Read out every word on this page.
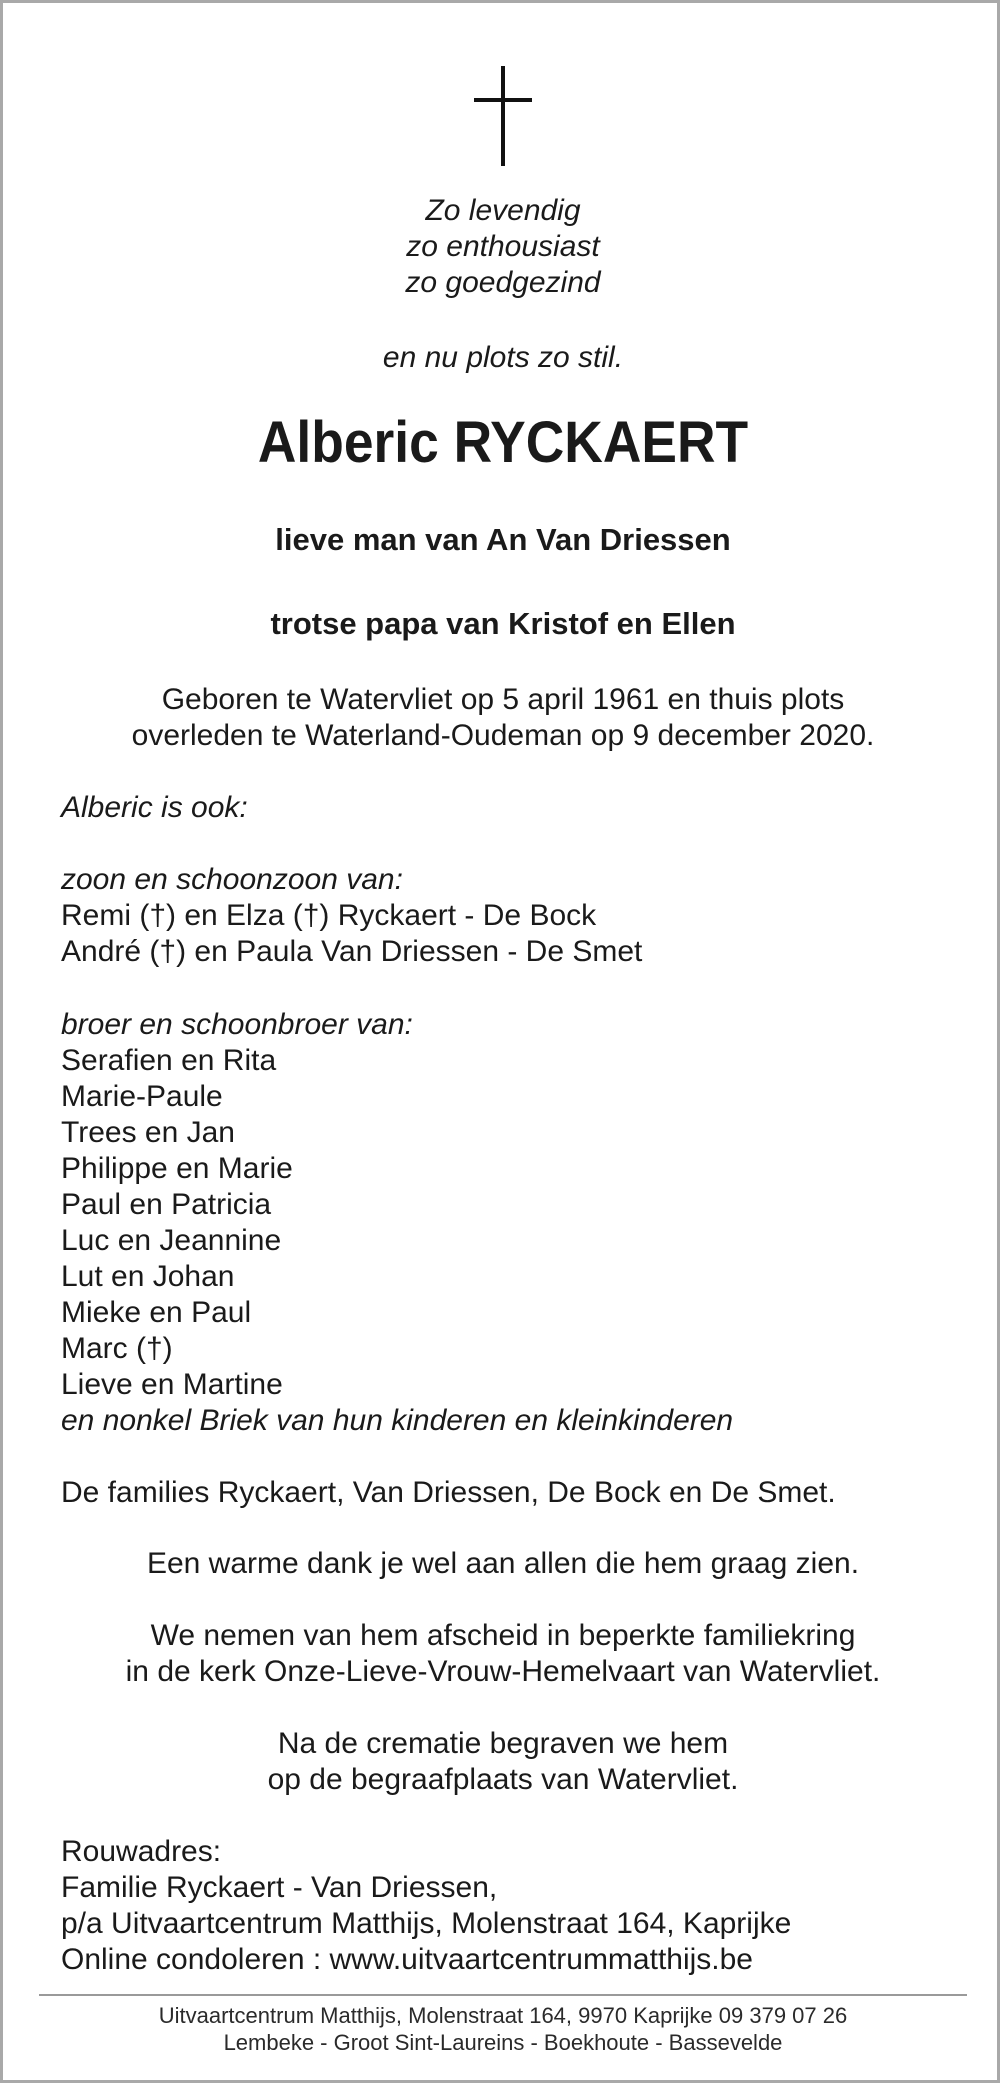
Zo levendig
zo enthousiast
zo goedgezind
en nu plots zo stil.
Alberic RYCKAERT
lieve man van An Van Driessen
trotse papa van Kristof en Ellen
Geboren te Watervliet op 5 april 1961 en thuis plots
overleden te Waterland-Oudeman op 9 december 2020.
Alberic is ook:
zoon en schoonzoon van:
Remi (†) en Elza (†) Ryckaert - De Bock
André (†) en Paula Van Driessen - De Smet
broer en schoonbroer van:
Serafien en Rita
Marie-Paule
Trees en Jan
Philippe en Marie
Paul en Patricia
Luc en Jeannine
Lut en Johan
Mieke en Paul
Marc (†)
Lieve en Martine
en nonkel Briek van hun kinderen en kleinkinderen
De families Ryckaert, Van Driessen, De Bock en De Smet.
Een warme dank je wel aan allen die hem graag zien.
We nemen van hem afscheid in beperkte familiekring
in de kerk Onze-Lieve-Vrouw-Hemelvaart van Watervliet.
Na de crematie begraven we hem
op de begraafplaats van Watervliet.
Rouwadres:
Familie Ryckaert - Van Driessen,
p/a Uitvaartcentrum Matthijs, Molenstraat 164, Kaprijke
Online condoleren : www.uitvaartcentrummatthijs.be
Uitvaartcentrum Matthijs, Molenstraat 164, 9970 Kaprijke 09 379 07 26
Lembeke - Groot Sint-Laureins - Boekhoute - Bassevelde
